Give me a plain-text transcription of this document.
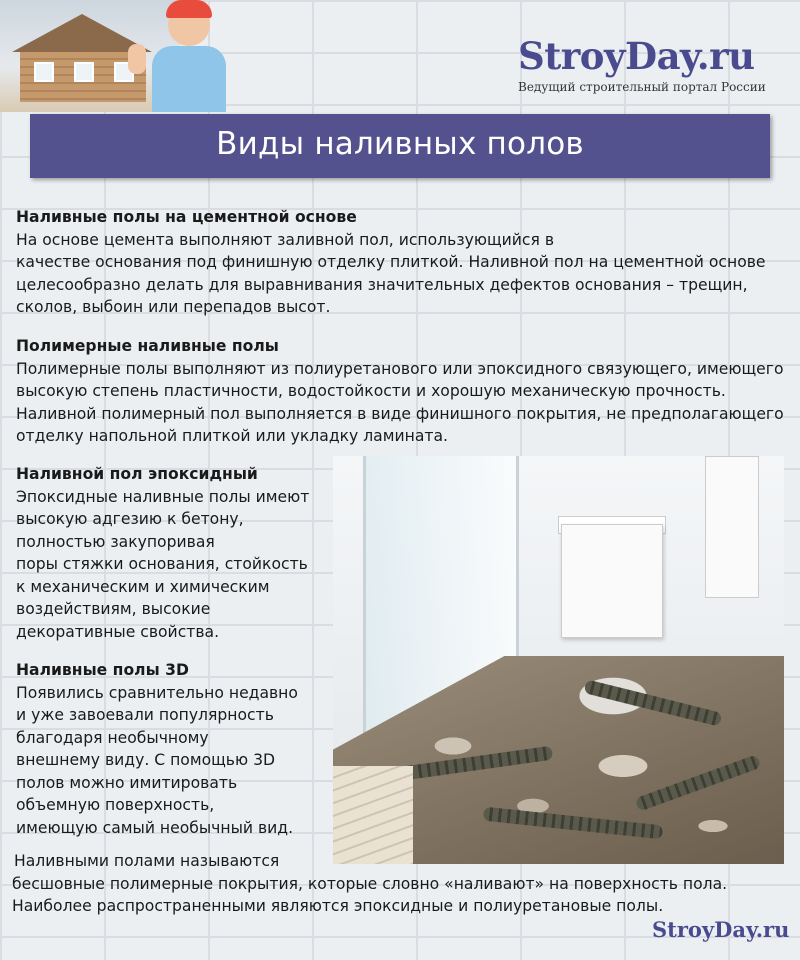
StroyDay.ru
Ведущий строительный портал России
Виды наливных полов
Наливные полы на цементной основе
На основе цемента выполняют заливной пол, использующийся в
качестве основания под финишную отделку плиткой. Наливной пол на цементной основе
целесообразно делать для выравнивания значительных дефектов основания – трещин,
сколов, выбоин или перепадов высот.
Полимерные наливные полы
Полимерные полы выполняют из полиуретанового или эпоксидного связующего, имеющего
высокую степень пластичности, водостойкости и хорошую механическую прочность.
Наливной полимерный пол выполняется в виде финишного покрытия, не предполагающего
отделку напольной плиткой или укладку ламината.
Наливной пол эпоксидный
Эпоксидные наливные полы имеют
высокую адгезию к бетону,
полностью закупоривая
поры стяжки основания, стойкость
к механическим и химическим
воздействиям, высокие
декоративные свойства.
Наливные полы 3D
Появились сравнительно недавно
и уже завоевали популярность
благодаря необычному
внешнему виду. С помощью 3D
полов можно имитировать
объемную поверхность,
имеющую самый необычный вид.
Наливными полами называются
бесшовные полимерные покрытия, которые словно «наливают» на поверхность пола.
Наиболее распространенными являются эпоксидные и полиуретановые полы.
StroyDay.ru
